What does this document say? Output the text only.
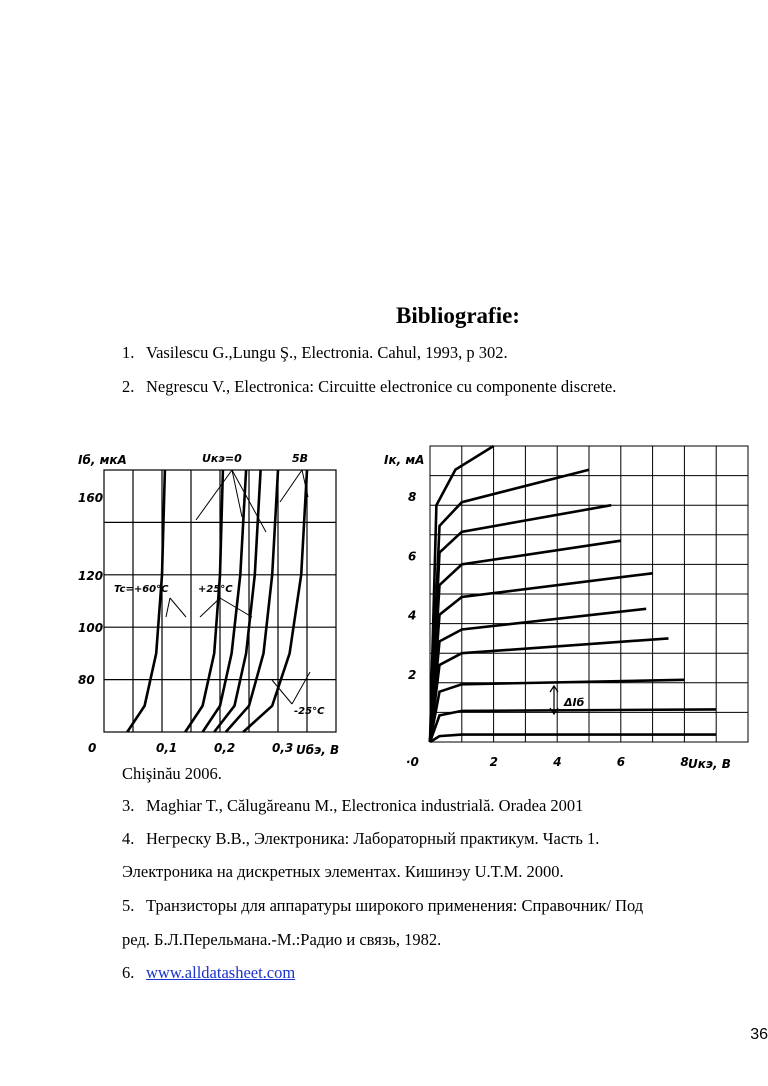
Bibliografie:
1. Vasilescu G.,Lungu Ş., Electronia. Cahul, 1993, p 302.
2. Negrescu V., Electronica: Circuitte electronice cu componente discrete.
0	0,1	0,2	0,3
80
100
120
160
Iб, мкА
Uбэ, B
Uкэ=0	5B
Tc=+60°C	+25°C
-25°C
·0	2	4	6	8
2
4
6
8
Iк, мА
Uкэ, B
ΔIб
Chişinău 2006.
3. Maghiar T., Călugăreanu M., Electronica industrială. Oradea 2001
4. Негреску В.В., Электроника: Лабораторный практикум. Часть 1.
Электроника на дискретных элементах. Кишинэу U.T.M. 2000.
5. Транзисторы для аппаратуры широкого применения: Справочник/ Под
ред. Б.Л.Перельмана.-М.:Радио и связь, 1982.
6. www.alldatasheet.com
36
